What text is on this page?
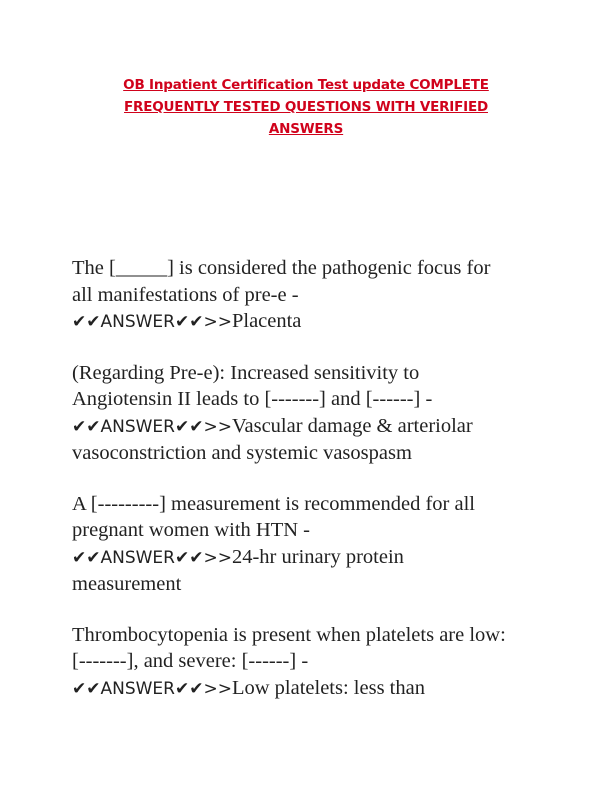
OB Inpatient Certification Test update COMPLETE
FREQUENTLY TESTED QUESTIONS WITH VERIFIED
ANSWERS
The [_____] is considered the pathogenic focus for
all manifestations of pre-e -
✔✔ANSWER✔✔>>Placenta
(Regarding Pre-e): Increased sensitivity to
Angiotensin II leads to [-------] and [------] -
✔✔ANSWER✔✔>>Vascular damage & arteriolar
vasoconstriction and systemic vasospasm
A [---------] measurement is recommended for all
pregnant women with HTN -
✔✔ANSWER✔✔>>24-hr urinary protein
measurement
Thrombocytopenia is present when platelets are low:
[-------], and severe: [------] -
✔✔ANSWER✔✔>>Low platelets: less than
